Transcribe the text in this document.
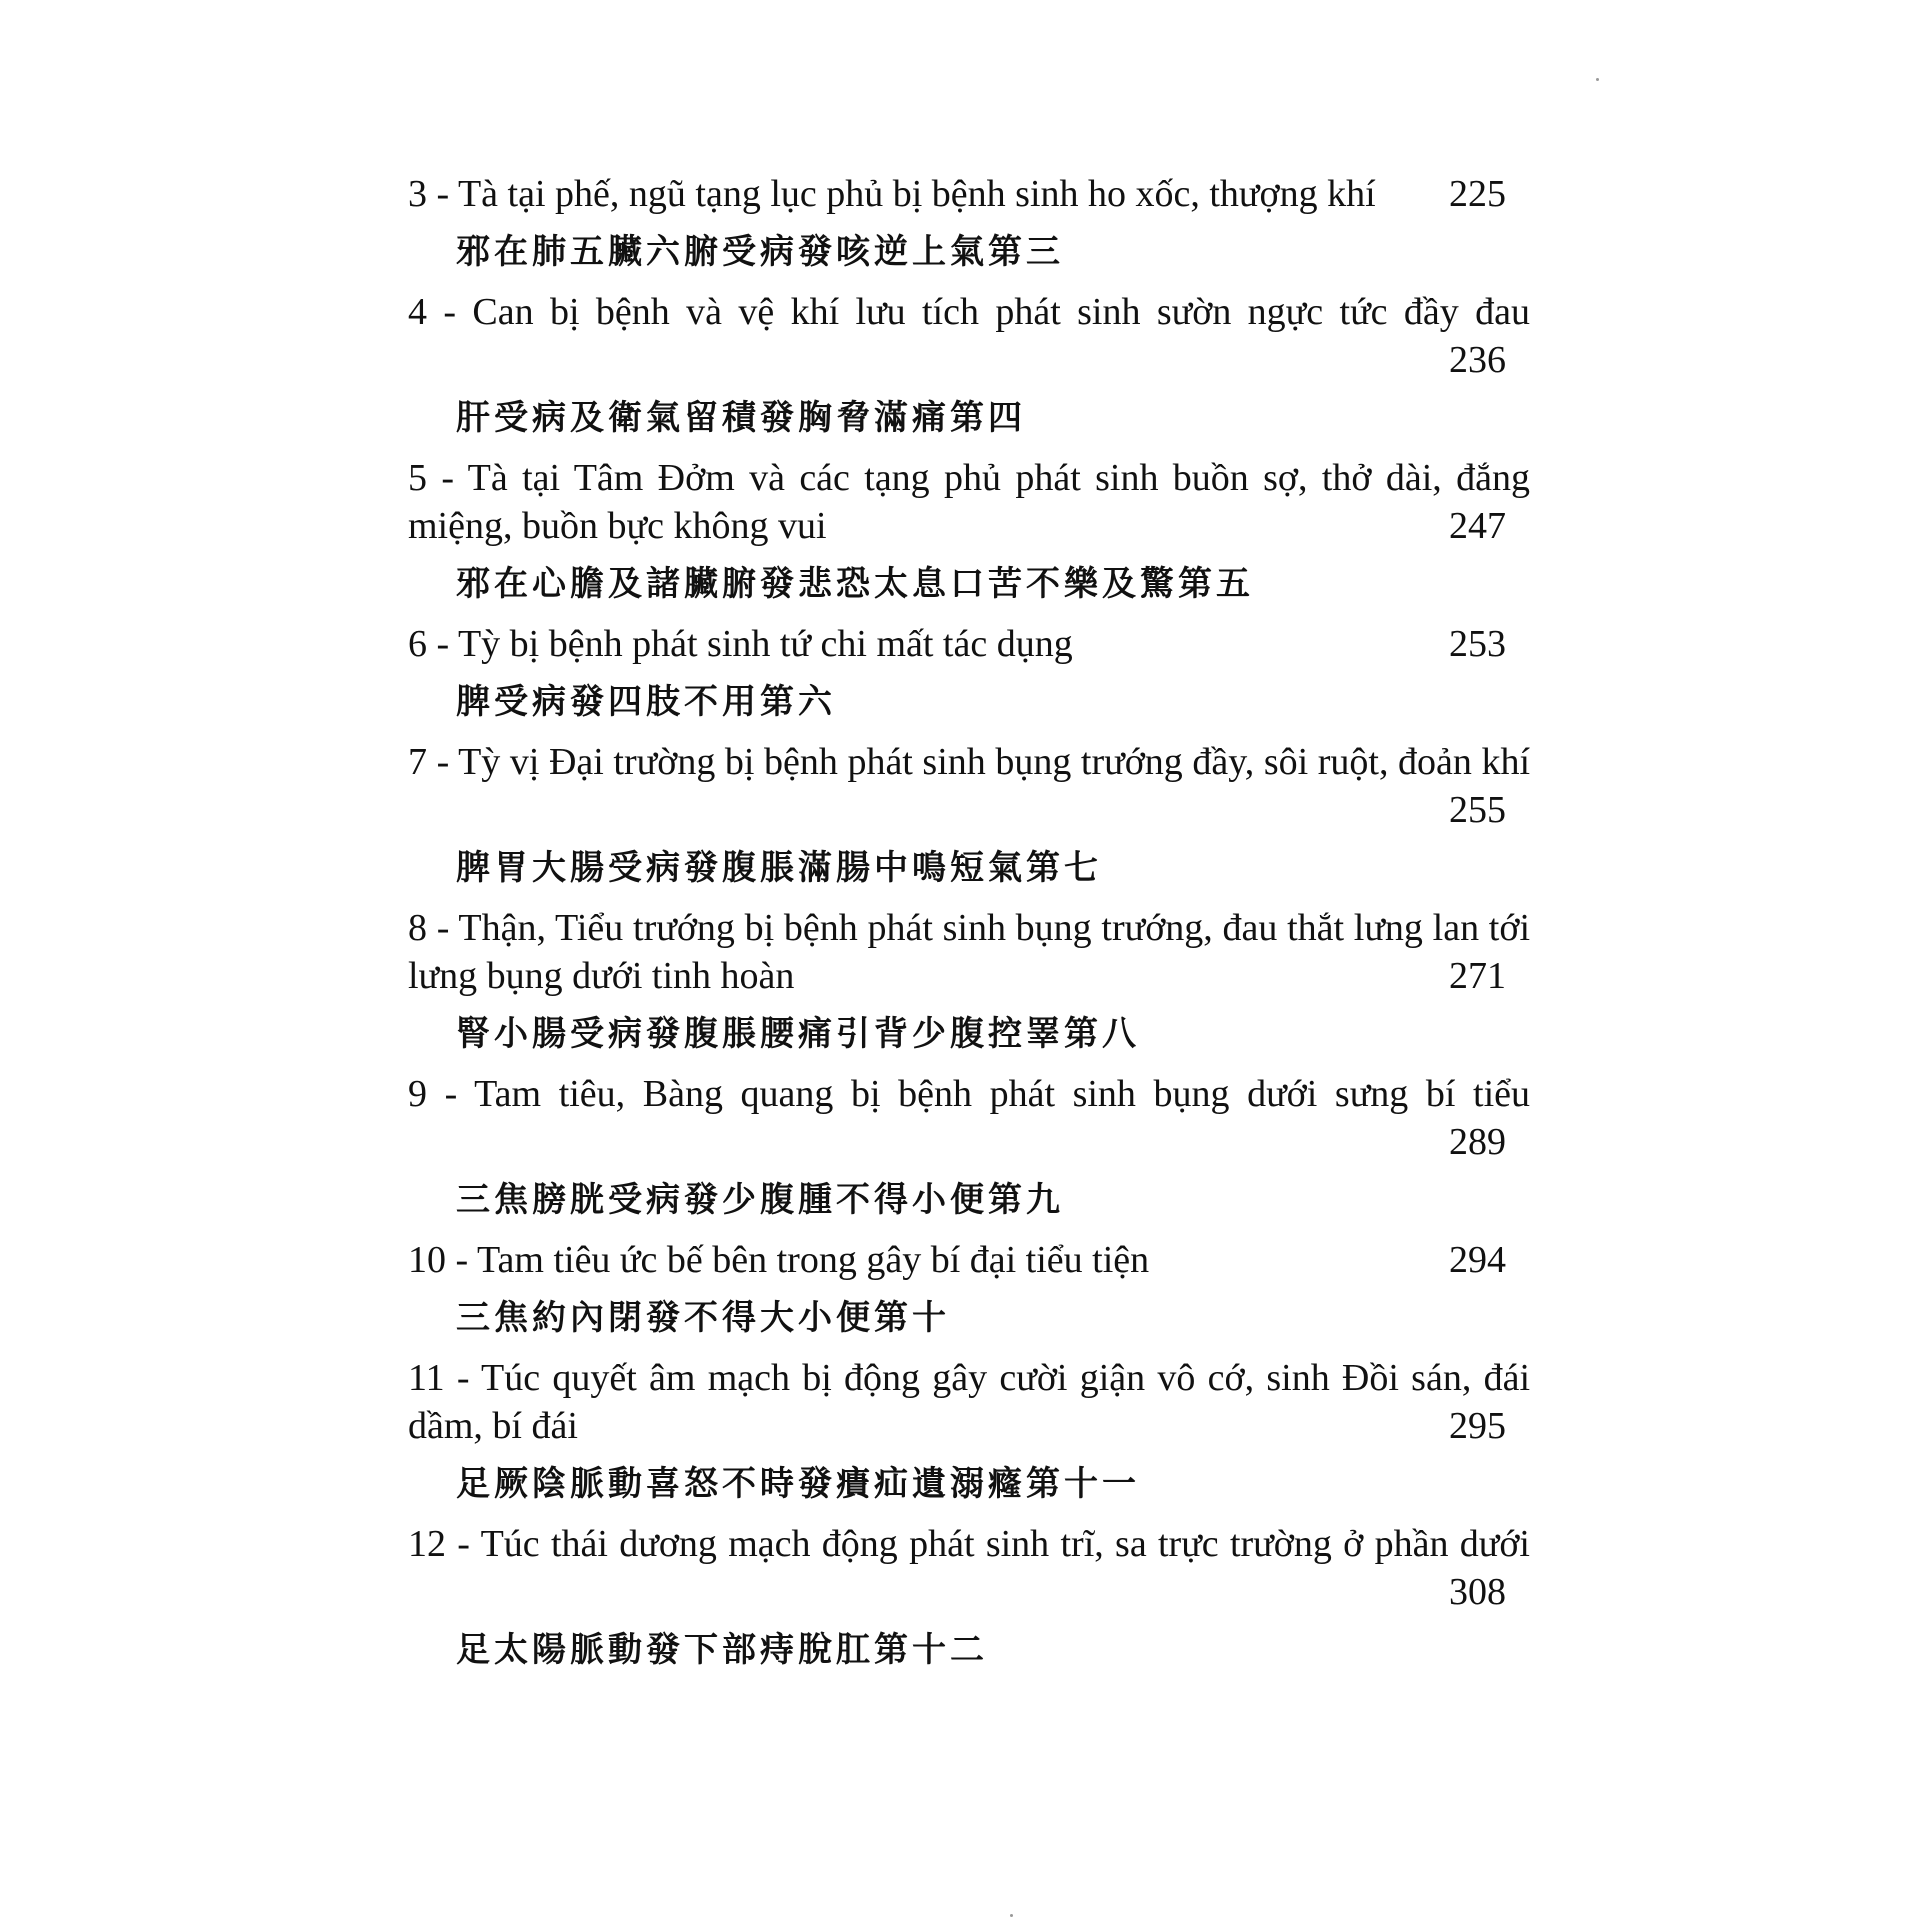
3 - Tà tại phế, ngũ tạng lục phủ bị bệnh sinh ho xốc, thượng khí	225
邪在肺五臟六腑受病發咳逆上氣第三
4 - Can bị bệnh và vệ khí lưu tích phát sinh sườn ngực tức đầy đau
236
肝受病及衛氣留積發胸脅滿痛第四
5 - Tà tại Tâm Đởm và các tạng phủ phát sinh buồn sợ, thở dài, đắng miệng, buồn bực không vui	247
邪在心膽及諸臟腑發悲恐太息口苦不樂及驚第五
6 - Tỳ bị bệnh phát sinh tứ chi mất tác dụng	253
脾受病發四肢不用第六
7 - Tỳ vị Đại trường bị bệnh phát sinh bụng trướng đầy, sôi ruột, đoản khí
255
脾胃大腸受病發腹脹滿腸中鳴短氣第七
8 - Thận, Tiểu trướng bị bệnh phát sinh bụng trướng, đau thắt lưng lan tới lưng bụng dưới tinh hoàn	271
腎小腸受病發腹脹腰痛引背少腹控睪第八
9 - Tam tiêu, Bàng quang bị bệnh phát sinh bụng dưới sưng bí tiểu
289
三焦膀胱受病發少腹腫不得小便第九
10 - Tam tiêu ức bế bên trong gây bí đại tiểu tiện	294
三焦約內閉發不得大小便第十
11 - Túc quyết âm mạch bị động gây cười giận vô cớ, sinh Đồi sán, đái dầm, bí đái	295
足厥陰脈動喜怒不時發㿉疝遺溺癃第十一
12 - Túc thái dương mạch động phát sinh trĩ, sa trực trường ở phần dưới
308
足太陽脈動發下部痔脫肛第十二
